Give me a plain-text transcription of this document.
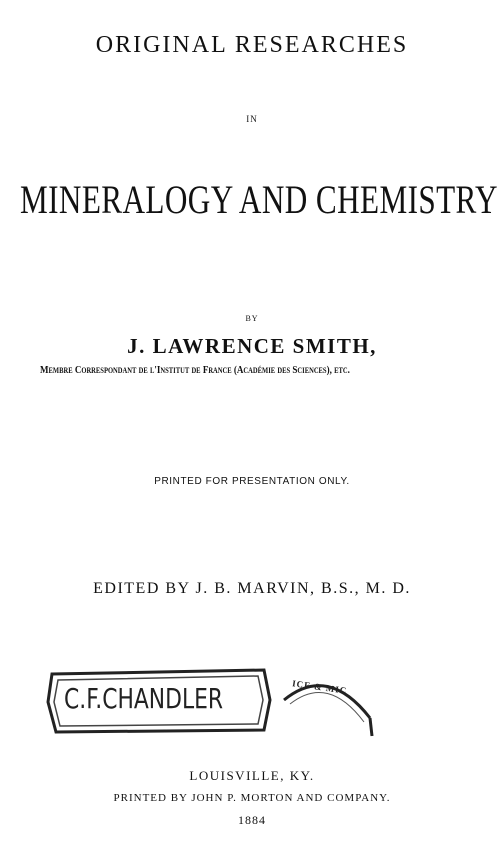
ORIGINAL RESEARCHES
IN
MINERALOGY AND CHEMISTRY
BY
J. LAWRENCE SMITH,
Membre Correspondant de l'Institut de France (Académie des Sciences), etc.
PRINTED FOR PRESENTATION ONLY.
EDITED BY J. B. MARVIN, B.S., M. D.
C.F.CHANDLER	ICE & MIC
LOUISVILLE, KY.
PRINTED BY JOHN P. MORTON AND COMPANY.
1884
